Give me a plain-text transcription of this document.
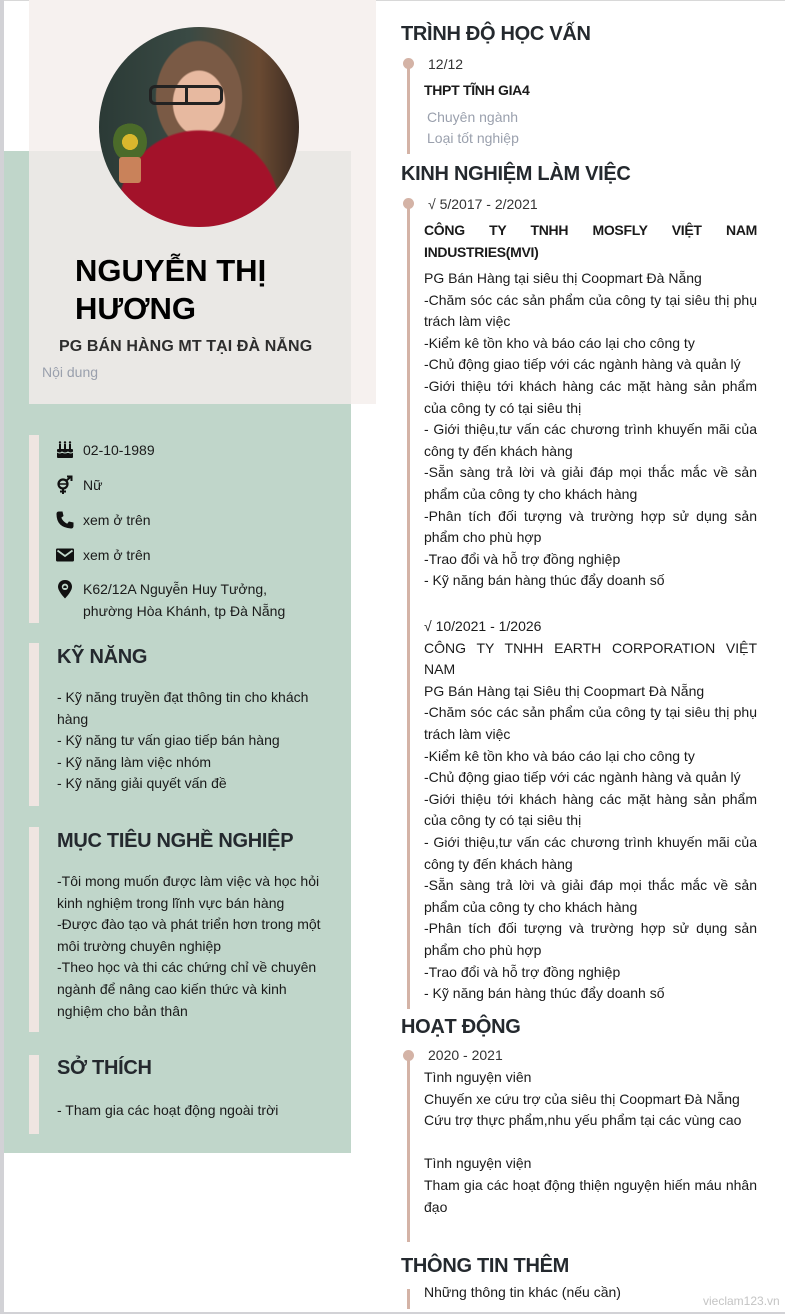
NGUYỄN THỊ HƯƠNG
PG BÁN HÀNG MT TẠI ĐÀ NẴNG
Nội dung
02-10-1989
Nữ
xem ở trên
xem ở trên
K62/12A Nguyễn Huy Tưởng,
phường Hòa Khánh, tp Đà Nẵng
KỸ NĂNG
- Kỹ năng truyền đạt thông tin cho khách hàng
- Kỹ năng tư vấn giao tiếp bán hàng
- Kỹ năng làm việc nhóm
- Kỹ năng giải quyết vấn đề
MỤC TIÊU NGHỀ NGHIỆP
-Tôi mong muốn được làm việc và học hỏi kinh nghiệm trong lĩnh vực bán hàng
-Được đào tạo và phát triển hơn trong một môi trường chuyên nghiệp
-Theo học và thi các chứng chỉ về chuyên ngành để nâng cao kiến thức và kinh nghiệm cho bản thân
SỞ THÍCH
- Tham gia các hoạt động ngoài trời
TRÌNH ĐỘ HỌC VẤN
12/12
THPT TĨNH GIA4
Chuyên ngành
Loại tốt nghiệp
KINH NGHIỆM LÀM VIỆC
√ 5/2017 - 2/2021
CÔNG TY TNHH MOSFLY VIỆT NAM INDUSTRIES(MVI)
PG Bán Hàng tại siêu thị Coopmart Đà Nẵng
-Chăm sóc các sản phẩm của công ty tại siêu thị phụ trách làm việc
-Kiểm kê tồn kho và báo cáo lại cho công ty
-Chủ động giao tiếp với các ngành hàng và quản lý
-Giới thiệu tới khách hàng các mặt hàng sản phẩm của công ty có tại siêu thị
- Giới thiệu,tư vấn các chương trình khuyến mãi của công ty đến khách hàng
-Sẵn sàng trả lời và giải đáp mọi thắc mắc về sản phẩm của công ty cho khách hàng
-Phân tích đối tượng và trường hợp sử dụng sản phẩm cho phù hợp
-Trao đổi và hỗ trợ đồng nghiệp
- Kỹ năng bán hàng thúc đẩy doanh số
√ 10/2021 - 1/2026
CÔNG TY TNHH EARTH CORPORATION VIỆT NAM
PG Bán Hàng tại Siêu thị Coopmart Đà Nẵng
-Chăm sóc các sản phẩm của công ty tại siêu thị phụ trách làm việc
-Kiểm kê tồn kho và báo cáo lại cho công ty
-Chủ động giao tiếp với các ngành hàng và quản lý
-Giới thiệu tới khách hàng các mặt hàng sản phẩm của công ty có tại siêu thị
- Giới thiệu,tư vấn các chương trình khuyến mãi của công ty đến khách hàng
-Sẵn sàng trả lời và giải đáp mọi thắc mắc về sản phẩm của công ty cho khách hàng
-Phân tích đối tượng và trường hợp sử dụng sản phẩm cho phù hợp
-Trao đổi và hỗ trợ đồng nghiệp
- Kỹ năng bán hàng thúc đẩy doanh số
HOẠT ĐỘNG
2020 - 2021
Tình nguyện viên
Chuyến xe cứu trợ của siêu thị Coopmart Đà Nẵng
Cứu trợ thực phẩm,nhu yếu phẩm tại các vùng cao
Tình nguyện viện
Tham gia các hoạt động thiện nguyện hiến máu nhân đạo
THÔNG TIN THÊM
Những thông tin khác (nếu cần)
vieclam123.vn
